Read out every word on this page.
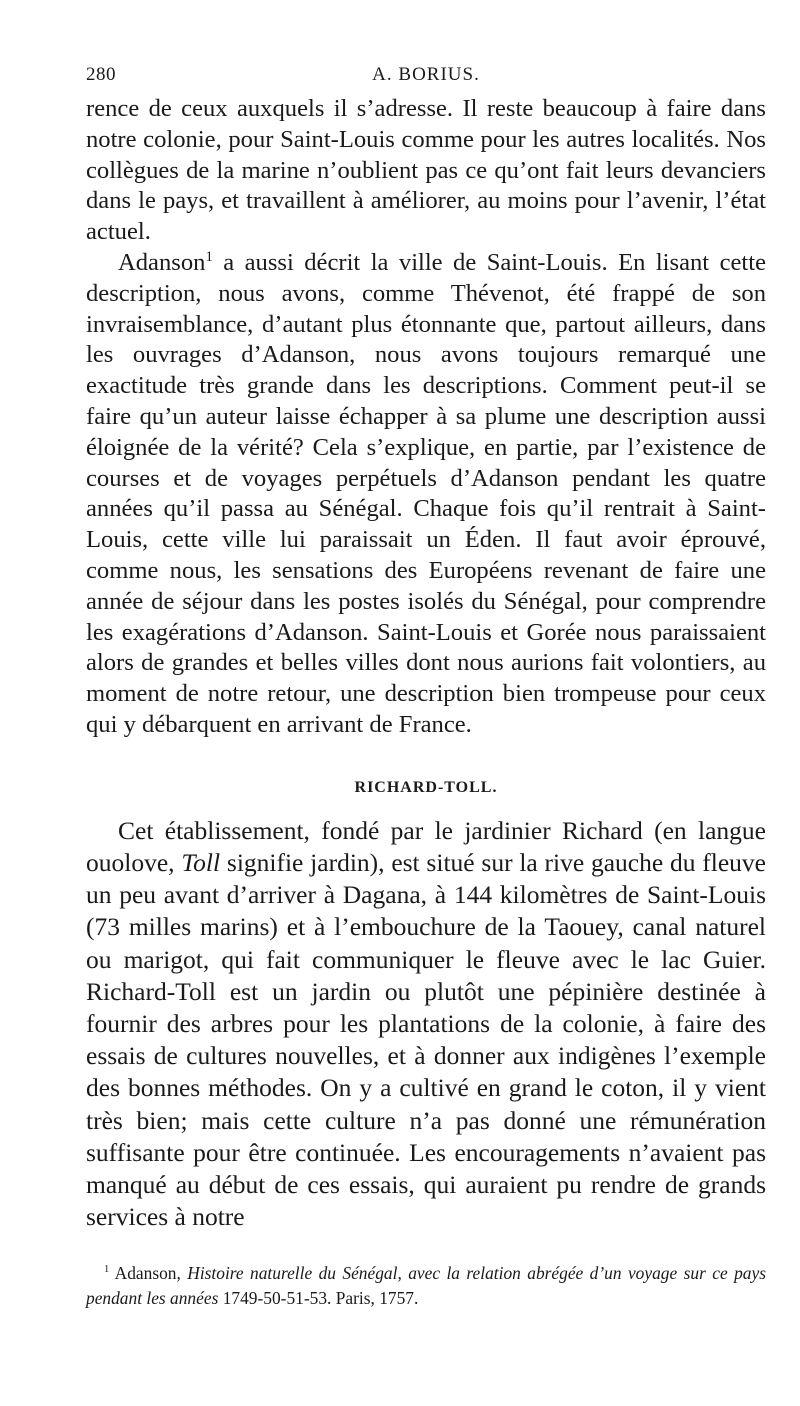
280	A. BORIUS.

rence de ceux auxquels il s’adresse. Il reste beaucoup à faire dans notre colonie, pour Saint-Louis comme pour les autres localités. Nos collègues de la marine n’oublient pas ce qu’ont fait leurs devanciers dans le pays, et travaillent à améliorer, au moins pour l’avenir, l’état actuel.

Adanson$^1$ a aussi décrit la ville de Saint-Louis. En lisant cette description, nous avons, comme Thévenot, été frappé de son invraisemblance, d’autant plus étonnante que, partout ailleurs, dans les ouvrages d’Adanson, nous avons toujours remarqué une exactitude très grande dans les descriptions. Comment peut-il se faire qu’un auteur laisse échapper à sa plume une description aussi éloignée de la vérité? Cela s’explique, en partie, par l’existence de courses et de voyages perpétuels d’Adanson pendant les quatre années qu’il passa au Sénégal. Chaque fois qu’il rentrait à Saint-Louis, cette ville lui paraissait un Éden. Il faut avoir éprouvé, comme nous, les sensations des Européens revenant de faire une année de séjour dans les postes isolés du Sénégal, pour comprendre les exagérations d’Adanson. Saint-Louis et Gorée nous paraissaient alors de grandes et belles villes dont nous aurions fait volontiers, au moment de notre retour, une description bien trompeuse pour ceux qui y débarquent en arrivant de France.

RICHARD-TOLL.

Cet établissement, fondé par le jardinier Richard (en langue ouolove, Toll signifie jardin), est situé sur la rive gauche du fleuve un peu avant d’arriver à Dagana, à 144 kilomètres de Saint-Louis (73 milles marins) et à l’embouchure de la Taouey, canal naturel ou marigot, qui fait communiquer le fleuve avec le lac Guier. Richard-Toll est un jardin ou plutôt une pépinière destinée à fournir des arbres pour les plantations de la colonie, à faire des essais de cultures nouvelles, et à donner aux indigènes l’exemple des bonnes méthodes. On y a cultivé en grand le coton, il y vient très bien; mais cette culture n’a pas donné une rémunération suffisante pour être continuée. Les encouragements n’avaient pas manqué au début de ces essais, qui auraient pu rendre de grands services à notre

$^1$ Adanson, Histoire naturelle du Sénégal, avec la relation abrégée d’un voyage sur ce pays pendant les années 1749-50-51-53. Paris, 1757.
